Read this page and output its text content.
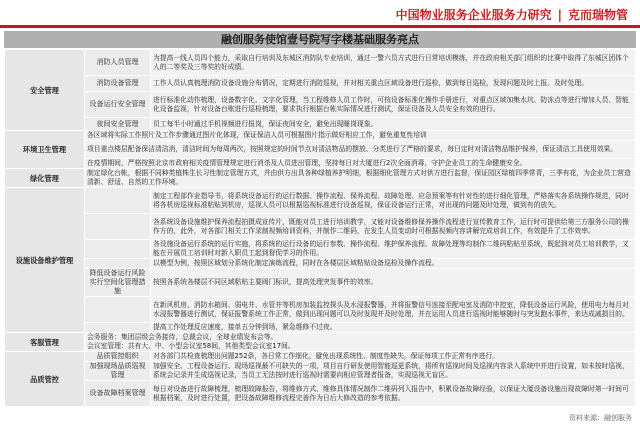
中国物业服务企业服务力研究 | 克而瑞物管
融创服务使馆壹号院写字楼基础服务亮点
安全管理	消防人员管理	为提高一线人员四个能力，采取自行培训及东城区消防队专业培训，通过一警六员方式进行日常培训模练，并在政府相关部门组织的比赛中取得了东城区团体个人的二等奖及三等奖的好成绩。
	消防设备管理	工作人员认真梳理消防设备设施分布情况，定期进行消防巡视，并对相关重点区域设备进行巡检，做到每日巡检，发现问题及时上报、及时处理。
	设备运行安全管理	进行标准化动作梳理，设备数字化、文字化管理，当工程维修人员工作时，可按设备标准化操作手册进行，对重点区域加集水坑、防冻点等进行增加人员、智能化设备监视，针对设备台账进行巡检梳理，要求执行根据台帐实际情况进行测试，保证设备及人员安全有效的进行。
	夜间安全管理	员工每半小时通过手机视频进行报岗，保证夜间安全，避免出现睡岗现象。
环境卫生管理	各区域将实际工作照片及工作步骤通过图片化体现，保证保洁人员可根据图片指示做好相应工作，避免重复性培训	
	项目重点楼层配备保洁清洁消，清洁时间为每周两次，按照规定的时间节点对清洁物品的摆放、分类进行了严格的要求，每日定时对清洁物品维护保养，保证清洁工具使用效果。	
	在疫情期间，严格按照北京市政府相关疫情管理规定进行消杀及人员进出管理，坚持每日对大厦进行2次全面消毒，守护企业员工的生命健康安全。	
绿化管理	制定绿化台帐，根据不同种类植株生长习性制定管理方式，并由供方出具各种绿植养护明细，根据细化管理方式对供方进行监督，保证园区绿植四季常青，三季有花，为企业员工营造清新、舒适、自然的工作环境。	
设施设备维护管理		制定工程部作业指导书，将系统设备运行的运行数据、操作流程、保养流程、故障处理、应急预案等有针对性的进行细化管理，严格落实各系统操作规范，同时将各机房巡视标准粘贴到机房，巡视人员可以根据巡视标准进行设备巡视，保证设备运行正常，对出现的问题及时处理，做到有的放矢。
		各系统设备设施维护保养流程拍摄成宣传片，既能对员工进行培训教学，又能对设备维修保养操作流程进行宣传教育工作，运行时可提供给第三方服务公司的操作方的，此外，对各部门相关工作录制视频培训资料，并制作二维码，在发生人员变动时可根据视频内容讲解完成培训工作，有效提升了工作效率。
		各设施设备运行系统的运行实施，将系统的运行设备的运行参数、操作流程、维护保养流程、故障处理等均制作二维码粘贴至系统，既起到对员工培训教学，又能在开展员工培训时对新入职员工起到督促学习的作用。
		以模型为例，按照区域划分系统化制定演练流程，同时在各楼层区域粘贴设备巡检及操作流程。
	降低设备运行风险实行空间化管理措施	按照各系统各楼层不同区域粘贴主要阀门标识，提高处理突发事件的效率。
		在新风机房、消防水箱间、弱电井、水管井等机房加装监控探头及水浸报警器，并将报警信号连接至配电室及消防中控室，降低设备运行风险，使用电力每月对水浸报警器进行测试，保证报警系统工作正常，做到出现问题可以及时发现并及时处理，并在运用人员进行巡视时能够随时与突发跑水事件，来达成减损目的。
		提高工作处理反应速度，接单五分钟到场，紧急维修不过夜。
客服管理	会务服务：集团层级会务接待，总裁会议，全球业绩发布会等。
会议室管理：共有大、中、小型会议室58间，其他类型会议室17间。	
品质管控	品质管控组织	对各部门共检查梳理出问题252条，各日常工作细化，避免出现系统性、制度性缺失，保证每项工作正常有序进行。
	加强现场品质巡视管理	加强安全、工程设备运行、现场巡视最不可缺失的一项，项目自行研发使用智能巡更系统，将所有巡视时间及巡视内容录入系统中并进行设置，如未按时巡视，系统会记录并生成巡视记录，当员工无法按时进行巡视时需要向相应管理者报备，实现巡视无盲区。
	设备故障档案管理	每日对设备进行故障梳理，梳理故障报告，将维修方式、维修具体情况制作二维码列入报告中，积累设备故障经验，以保证大厦设备设施出现故障时第一时间可根据档案，及时进行处置，把设备故障维修流程完善作为日后大修改造的参考依据。
资料来源：融创服务
